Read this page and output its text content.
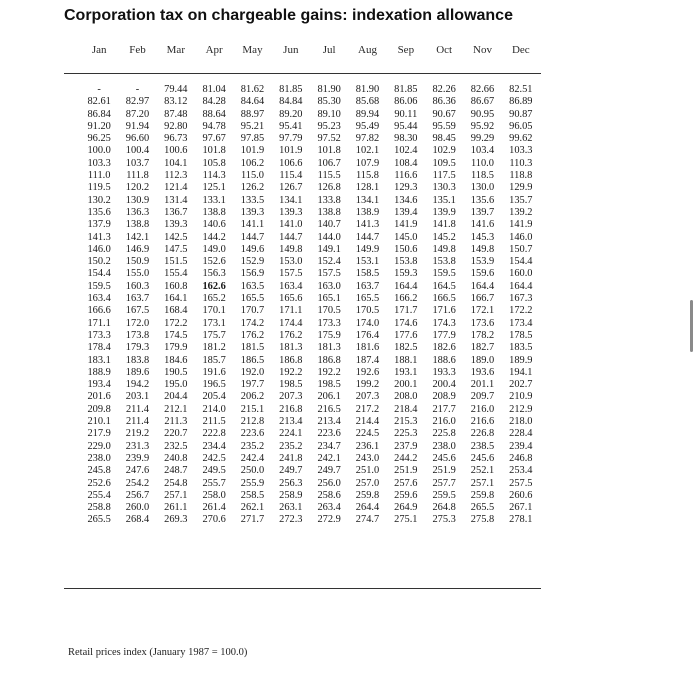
Corporation tax on chargeable gains: indexation allowance
Jan	Feb	Mar	Apr	May	Jun	Jul	Aug	Sep	Oct	Nov	Dec
-	-	79.44	81.04	81.62	81.85	81.90	81.90	81.85	82.26	82.66	82.51
82.61	82.97	83.12	84.28	84.64	84.84	85.30	85.68	86.06	86.36	86.67	86.89
86.84	87.20	87.48	88.64	88.97	89.20	89.10	89.94	90.11	90.67	90.95	90.87
91.20	91.94	92.80	94.78	95.21	95.41	95.23	95.49	95.44	95.59	95.92	96.05
96.25	96.60	96.73	97.67	97.85	97.79	97.52	97.82	98.30	98.45	99.29	99.62
100.0	100.4	100.6	101.8	101.9	101.9	101.8	102.1	102.4	102.9	103.4	103.3
103.3	103.7	104.1	105.8	106.2	106.6	106.7	107.9	108.4	109.5	110.0	110.3
111.0	111.8	112.3	114.3	115.0	115.4	115.5	115.8	116.6	117.5	118.5	118.8
119.5	120.2	121.4	125.1	126.2	126.7	126.8	128.1	129.3	130.3	130.0	129.9
130.2	130.9	131.4	133.1	133.5	134.1	133.8	134.1	134.6	135.1	135.6	135.7
135.6	136.3	136.7	138.8	139.3	139.3	138.8	138.9	139.4	139.9	139.7	139.2
137.9	138.8	139.3	140.6	141.1	141.0	140.7	141.3	141.9	141.8	141.6	141.9
141.3	142.1	142.5	144.2	144.7	144.7	144.0	144.7	145.0	145.2	145.3	146.0
146.0	146.9	147.5	149.0	149.6	149.8	149.1	149.9	150.6	149.8	149.8	150.7
150.2	150.9	151.5	152.6	152.9	153.0	152.4	153.1	153.8	153.8	153.9	154.4
154.4	155.0	155.4	156.3	156.9	157.5	157.5	158.5	159.3	159.5	159.6	160.0
159.5	160.3	160.8	162.6	163.5	163.4	163.0	163.7	164.4	164.5	164.4	164.4
163.4	163.7	164.1	165.2	165.5	165.6	165.1	165.5	166.2	166.5	166.7	167.3
166.6	167.5	168.4	170.1	170.7	171.1	170.5	170.5	171.7	171.6	172.1	172.2
171.1	172.0	172.2	173.1	174.2	174.4	173.3	174.0	174.6	174.3	173.6	173.4
173.3	173.8	174.5	175.7	176.2	176.2	175.9	176.4	177.6	177.9	178.2	178.5
178.4	179.3	179.9	181.2	181.5	181.3	181.3	181.6	182.5	182.6	182.7	183.5
183.1	183.8	184.6	185.7	186.5	186.8	186.8	187.4	188.1	188.6	189.0	189.9
188.9	189.6	190.5	191.6	192.0	192.2	192.2	192.6	193.1	193.3	193.6	194.1
193.4	194.2	195.0	196.5	197.7	198.5	198.5	199.2	200.1	200.4	201.1	202.7
201.6	203.1	204.4	205.4	206.2	207.3	206.1	207.3	208.0	208.9	209.7	210.9
209.8	211.4	212.1	214.0	215.1	216.8	216.5	217.2	218.4	217.7	216.0	212.9
210.1	211.4	211.3	211.5	212.8	213.4	213.4	214.4	215.3	216.0	216.6	218.0
217.9	219.2	220.7	222.8	223.6	224.1	223.6	224.5	225.3	225.8	226.8	228.4
229.0	231.3	232.5	234.4	235.2	235.2	234.7	236.1	237.9	238.0	238.5	239.4
238.0	239.9	240.8	242.5	242.4	241.8	242.1	243.0	244.2	245.6	245.6	246.8
245.8	247.6	248.7	249.5	250.0	249.7	249.7	251.0	251.9	251.9	252.1	253.4
252.6	254.2	254.8	255.7	255.9	256.3	256.0	257.0	257.6	257.7	257.1	257.5
255.4	256.7	257.1	258.0	258.5	258.9	258.6	259.8	259.6	259.5	259.8	260.6
258.8	260.0	261.1	261.4	262.1	263.1	263.4	264.4	264.9	264.8	265.5	267.1
265.5	268.4	269.3	270.6	271.7	272.3	272.9	274.7	275.1	275.3	275.8	278.1
Retail prices index (January 1987 = 100.0)
